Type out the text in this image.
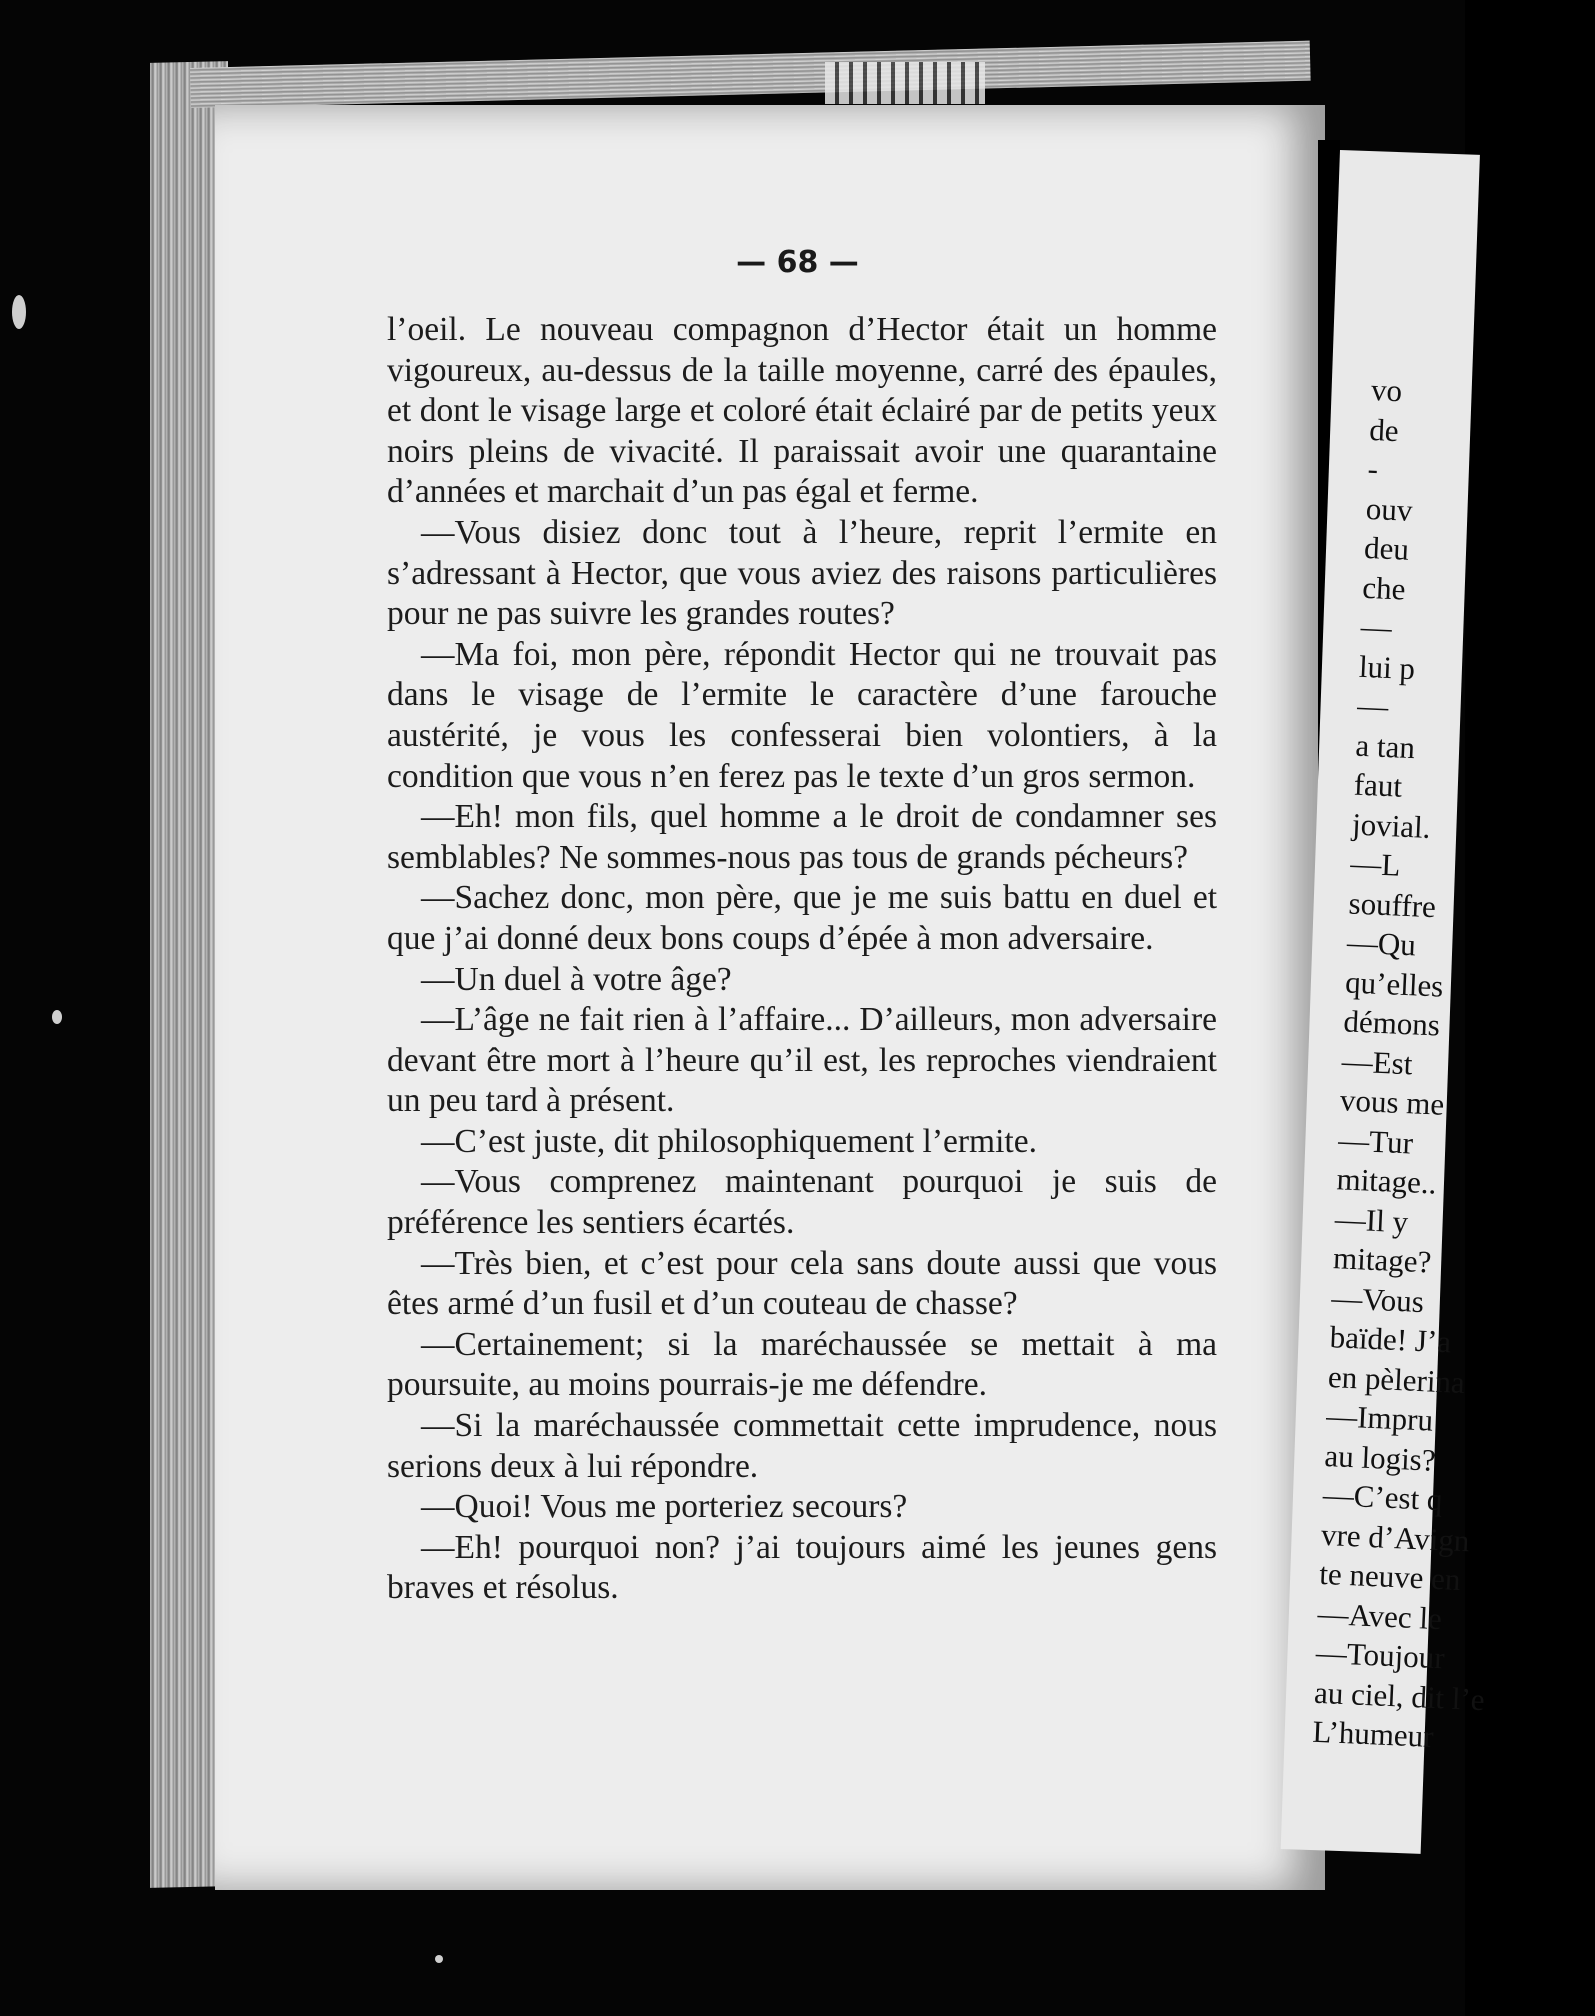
— 68 —

l’oeil. Le nouveau compagnon d’Hector était un homme vigoureux, au-dessus de la taille moyenne, carré des épaules, et dont le visage large et coloré était éclairé par de petits yeux noirs pleins de vivacité. Il paraissait avoir une quarantaine d’années et marchait d’un pas égal et ferme.

—Vous disiez donc tout à l’heure, reprit l’ermite en s’adressant à Hector, que vous aviez des raisons particulières pour ne pas suivre les grandes routes?

—Ma foi, mon père, répondit Hector qui ne trouvait pas dans le visage de l’ermite le caractère d’une farouche austérité, je vous les confesserai bien volontiers, à la condition que vous n’en ferez pas le texte d’un gros sermon.

—Eh! mon fils, quel homme a le droit de condamner ses semblables? Ne sommes-nous pas tous de grands pécheurs?

—Sachez donc, mon père, que je me suis battu en duel et que j’ai donné deux bons coups d’épée à mon adversaire.

—Un duel à votre âge?

—L’âge ne fait rien à l’affaire... D’ailleurs, mon adversaire devant être mort à l’heure qu’il est, les reproches viendraient un peu tard à présent.

—C’est juste, dit philosophiquement l’ermite.

—Vous comprenez maintenant pourquoi je suis de préférence les sentiers écartés.

—Très bien, et c’est pour cela sans doute aussi que vous êtes armé d’un fusil et d’un couteau de chasse?

—Certainement; si la maréchaussée se mettait à ma poursuite, au moins pourrais-je me défendre.

—Si la maréchaussée commettait cette imprudence, nous serions deux à lui répondre.

—Quoi! Vous me porteriez secours?

—Eh! pourquoi non? j’ai toujours aimé les jeunes gens braves et résolus.

vo
de
-
ouv
deu
che
—
lui p
—
a tan
faut
jovial.
—L
souffre
—Qu
qu’elles
démons
—Est
vous me
—Tur
mitage..
—Il y
mitage?
—Vous
baïde! J’a
en pèlerina
—Impru
au logis?
—C’est q
vre d’Avign
te neuve en
—Avec le
—Toujour
au ciel, dit l’e
L’humeur
